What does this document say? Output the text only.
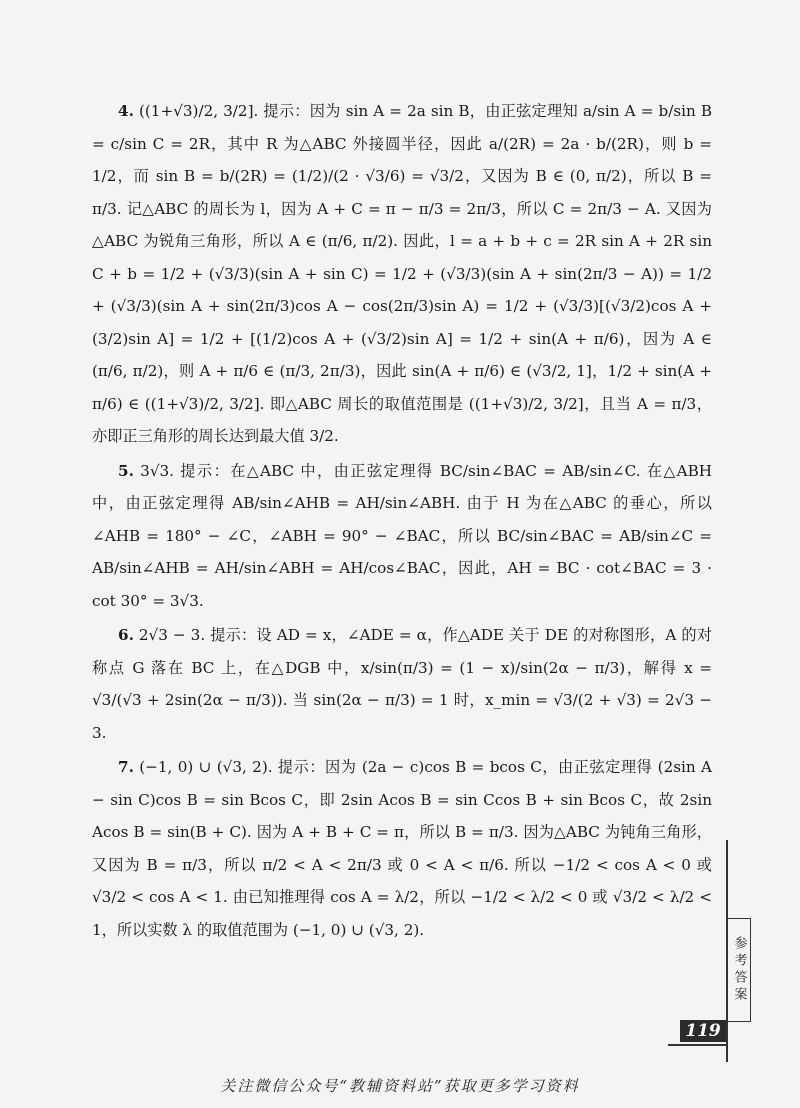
4. ((1+√3)/2, 3/2]. 提示：因为 sin A = 2a sin B，由正弦定理知 a/sin A = b/sin B = c/sin C = 2R，其中 R 为△ABC 外接圆半径，因此 a/(2R) = 2a · b/(2R)，则 b = 1/2，而 sin B = b/(2R) = (1/2)/(2 · √3/6) = √3/2，又因为 B ∈ (0, π/2)，所以 B = π/3. 记△ABC 的周长为 l，因为 A + C = π − π/3 = 2π/3，所以 C = 2π/3 − A. 又因为△ABC 为锐角三角形，所以 A ∈ (π/6, π/2). 因此，l = a + b + c = 2R sin A + 2R sin C + b = 1/2 + (√3/3)(sin A + sin C) = 1/2 + (√3/3)(sin A + sin(2π/3 − A)) = 1/2 + (√3/3)(sin A + sin(2π/3)cos A − cos(2π/3)sin A) = 1/2 + (√3/3)[(√3/2)cos A + (3/2)sin A] = 1/2 + [(1/2)cos A + (√3/2)sin A] = 1/2 + sin(A + π/6)，因为 A ∈ (π/6, π/2)，则 A + π/6 ∈ (π/3, 2π/3)，因此 sin(A + π/6) ∈ (√3/2, 1]，1/2 + sin(A + π/6) ∈ ((1+√3)/2, 3/2]. 即△ABC 周长的取值范围是 ((1+√3)/2, 3/2]，且当 A = π/3，亦即正三角形的周长达到最大值 3/2.

5. 3√3. 提示：在△ABC 中，由正弦定理得 BC/sin∠BAC = AB/sin∠C. 在△ABH 中，由正弦定理得 AB/sin∠AHB = AH/sin∠ABH. 由于 H 为在△ABC 的垂心，所以 ∠AHB = 180° − ∠C，∠ABH = 90° − ∠BAC，所以 BC/sin∠BAC = AB/sin∠C = AB/sin∠AHB = AH/sin∠ABH = AH/cos∠BAC，因此，AH = BC · cot∠BAC = 3 · cot 30° = 3√3.

6. 2√3 − 3. 提示：设 AD = x，∠ADE = α，作△ADE 关于 DE 的对称图形，A 的对称点 G 落在 BC 上，在△DGB 中，x/sin(π/3) = (1 − x)/sin(2α − π/3)，解得 x = √3/(√3 + 2sin(2α − π/3)). 当 sin(2α − π/3) = 1 时，x_min = √3/(2 + √3) = 2√3 − 3.

7. (−1, 0) ∪ (√3, 2). 提示：因为 (2a − c)cos B = bcos C，由正弦定理得 (2sin A − sin C)cos B = sin Bcos C，即 2sin Acos B = sin Ccos B + sin Bcos C，故 2sin Acos B = sin(B + C). 因为 A + B + C = π，所以 B = π/3. 因为△ABC 为钝角三角形，又因为 B = π/3，所以 π/2 < A < 2π/3 或 0 < A < π/6. 所以 −1/2 < cos A < 0 或 √3/2 < cos A < 1. 由已知推理得 cos A = λ/2，所以 −1/2 < λ/2 < 0 或 √3/2 < λ/2 < 1，所以实数 λ 的取值范围为 (−1, 0) ∪ (√3, 2).

参考答案
119
关注微信公众号“教辅资料站”获取更多学习资料
